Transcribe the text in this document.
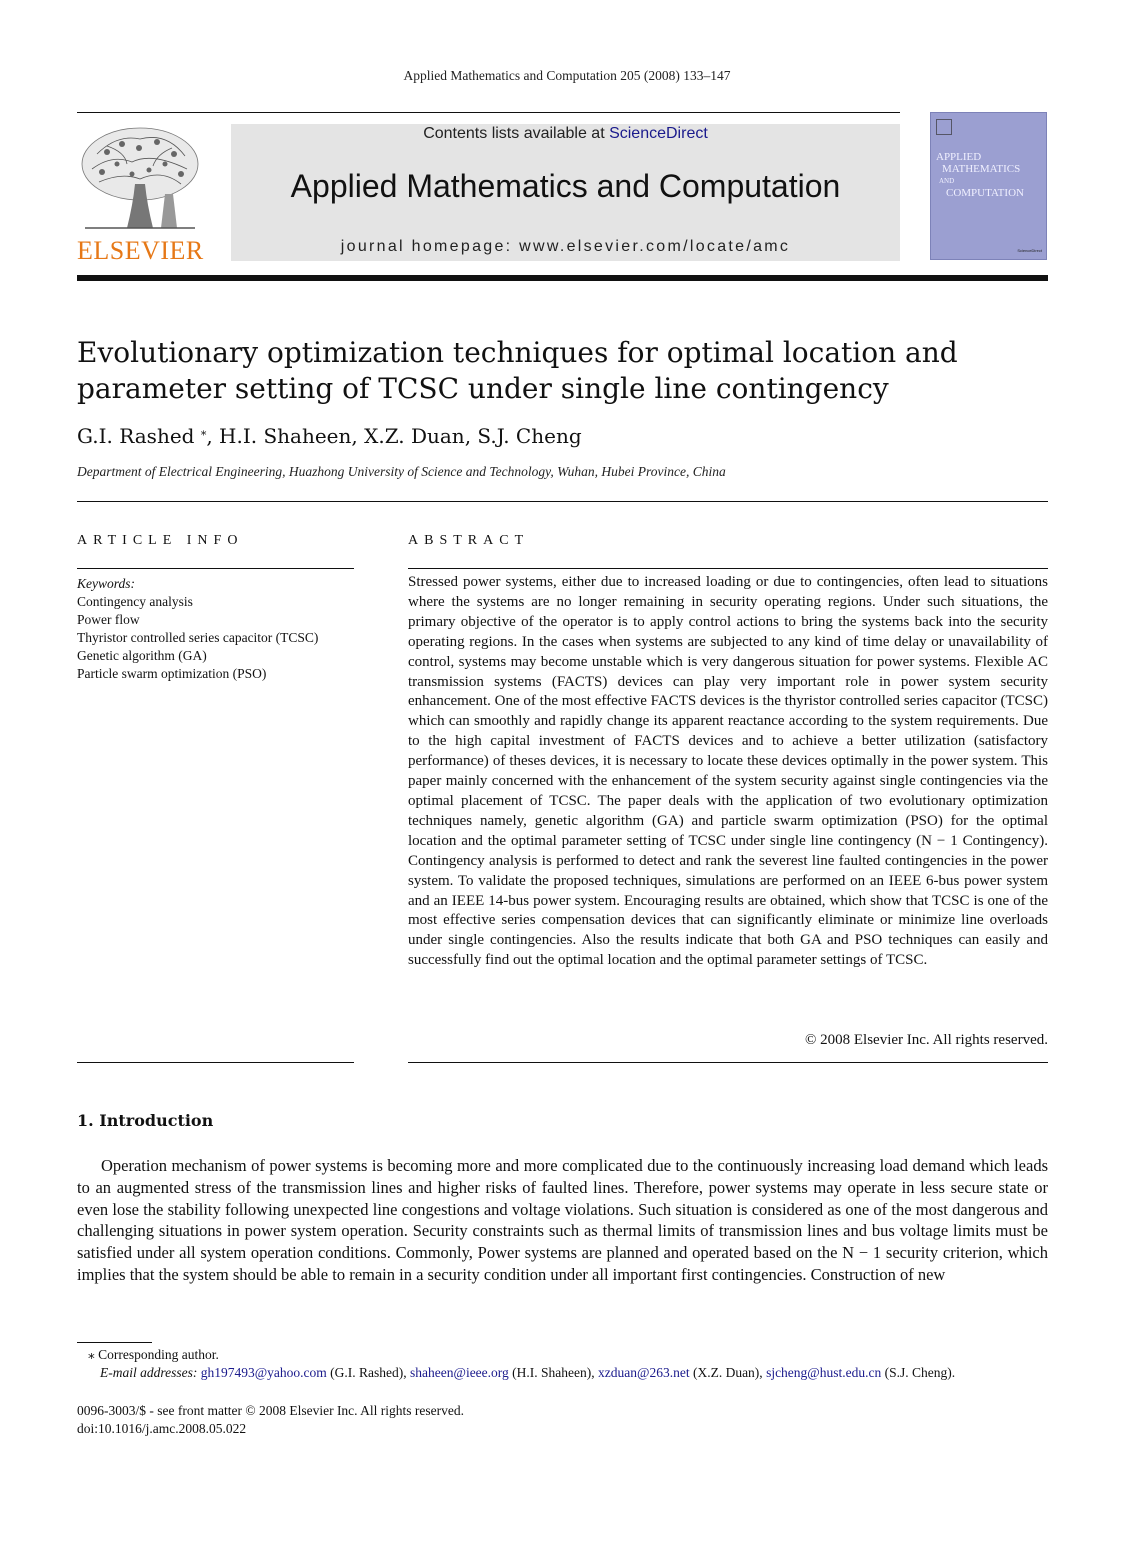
Applied Mathematics and Computation 205 (2008) 133–147
ELSEVIER
Contents lists available at ScienceDirect
Applied Mathematics and Computation
journal homepage: www.elsevier.com/locate/amc
APPLIED
MATHEMATICS
AND
COMPUTATION
ScienceDirect
Evolutionary optimization techniques for optimal location and parameter setting of TCSC under single line contingency
G.I. Rashed ⁎, H.I. Shaheen, X.Z. Duan, S.J. Cheng
Department of Electrical Engineering, Huazhong University of Science and Technology, Wuhan, Hubei Province, China
ARTICLE INFO	ABSTRACT
Keywords:
Contingency analysis
Power flow
Thyristor controlled series capacitor (TCSC)
Genetic algorithm (GA)
Particle swarm optimization (PSO)

Stressed power systems, either due to increased loading or due to contingencies, often lead to situations where the systems are no longer remaining in security operating regions. Under such situations, the primary objective of the operator is to apply control actions to bring the systems back into the security operating regions. In the cases when systems are subjected to any kind of time delay or unavailability of control, systems may become unstable which is very dangerous situation for power systems. Flexible AC transmission systems (FACTS) devices can play very important role in power system security enhancement. One of the most effective FACTS devices is the thyristor controlled series capacitor (TCSC) which can smoothly and rapidly change its apparent reactance according to the system requirements. Due to the high capital investment of FACTS devices and to achieve a better utilization (satisfactory performance) of theses devices, it is necessary to locate these devices optimally in the power system. This paper mainly concerned with the enhancement of the system security against single contingencies via the optimal placement of TCSC. The paper deals with the application of two evolutionary optimization techniques namely, genetic algorithm (GA) and particle swarm optimization (PSO) for the optimal location and the optimal parameter setting of TCSC under single line contingency (N − 1 Contingency). Contingency analysis is performed to detect and rank the severest line faulted contingencies in the power system. To validate the proposed techniques, simulations are performed on an IEEE 6-bus power system and an IEEE 14-bus power system. Encouraging results are obtained, which show that TCSC is one of the most effective series compensation devices that can significantly eliminate or minimize line overloads under single contingencies. Also the results indicate that both GA and PSO techniques can easily and successfully find out the optimal location and the optimal parameter settings of TCSC.

© 2008 Elsevier Inc. All rights reserved.
1. Introduction

Operation mechanism of power systems is becoming more and more complicated due to the continuously increasing load demand which leads to an augmented stress of the transmission lines and higher risks of faulted lines. Therefore, power systems may operate in less secure state or even lose the stability following unexpected line congestions and voltage violations. Such situation is considered as one of the most dangerous and challenging situations in power system operation. Security constraints such as thermal limits of transmission lines and bus voltage limits must be satisfied under all system operation conditions. Commonly, Power systems are planned and operated based on the N − 1 security criterion, which implies that the system should be able to remain in a security condition under all important first contingencies. Construction of new

⁎ Corresponding author.
E-mail addresses: gh197493@yahoo.com (G.I. Rashed), shaheen@ieee.org (H.I. Shaheen), xzduan@263.net (X.Z. Duan), sjcheng@hust.edu.cn (S.J. Cheng).
0096-3003/$ - see front matter © 2008 Elsevier Inc. All rights reserved.
doi:10.1016/j.amc.2008.05.022
